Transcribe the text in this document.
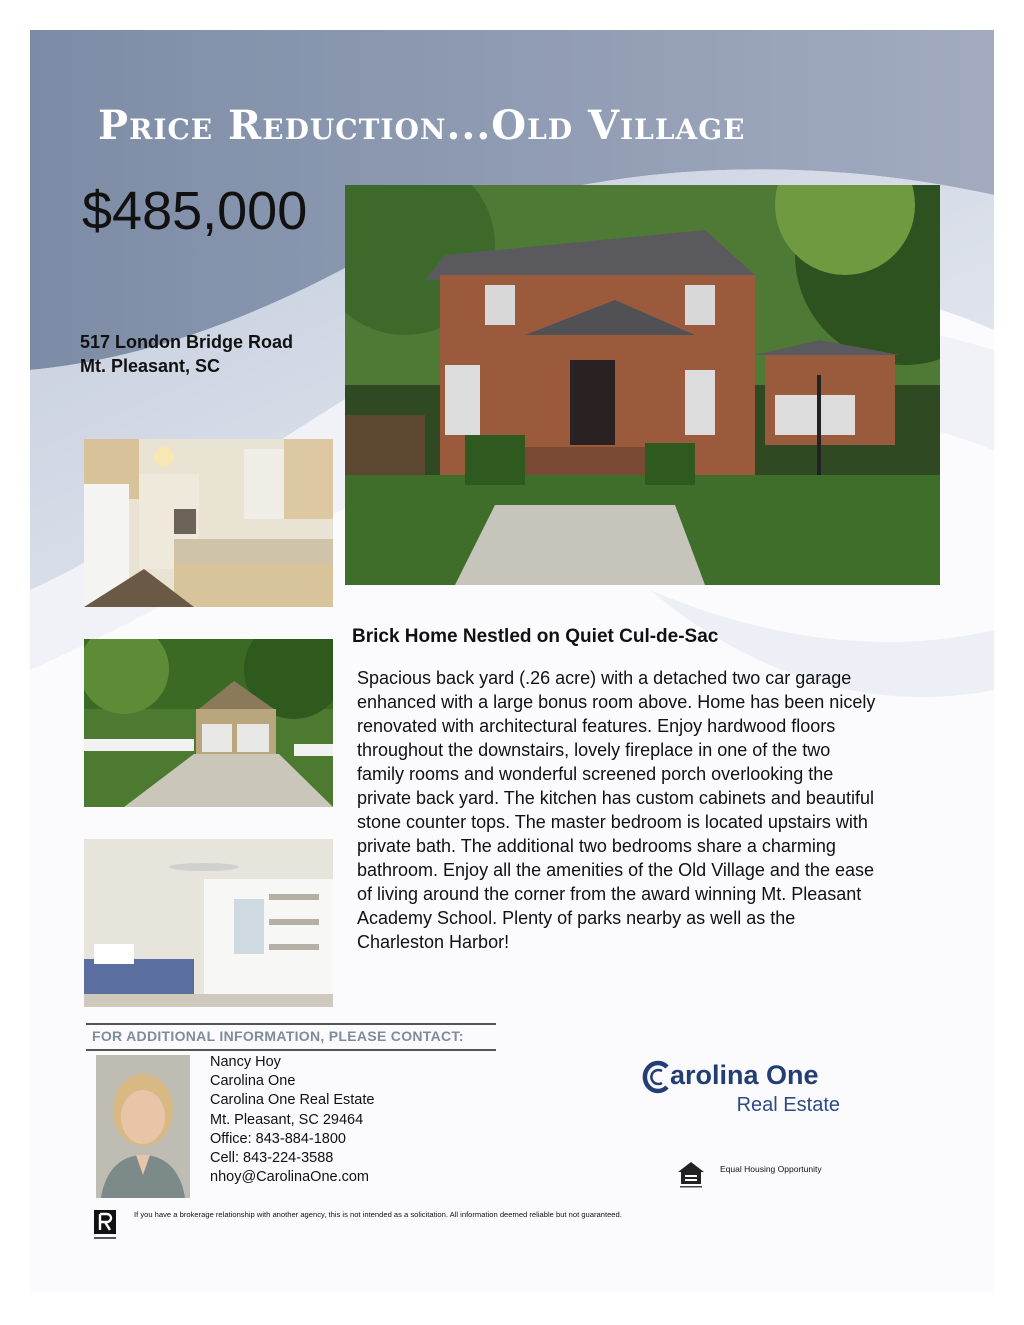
Price Reduction...Old Village
$485,000
517 London Bridge Road
Mt. Pleasant, SC
Brick Home Nestled on Quiet Cul-de-Sac
Spacious back yard (.26 acre) with a detached two car garage
enhanced with a large bonus room above. Home has been nicely
renovated with architectural features. Enjoy hardwood floors
throughout the downstairs, lovely fireplace in one of the two
family rooms and wonderful screened porch overlooking the
private back yard. The kitchen has custom cabinets and beautiful
stone counter tops. The master bedroom is located upstairs with
private bath. The additional two bedrooms share a charming
bathroom. Enjoy all the amenities of the Old Village and the ease
of living around the corner from the award winning Mt. Pleasant
Academy School. Plenty of parks nearby as well as the
Charleston Harbor!
FOR ADDITIONAL INFORMATION, PLEASE CONTACT:
Nancy Hoy
Carolina One
Carolina One Real Estate
Mt. Pleasant, SC 29464
Office: 843-884-1800
Cell: 843-224-3588
nhoy@CarolinaOne.com
arolina One
Real Estate
Equal Housing Opportunity
If you have a brokerage relationship with another agency, this is not intended as a solicitation. All information deemed reliable but not guaranteed.
